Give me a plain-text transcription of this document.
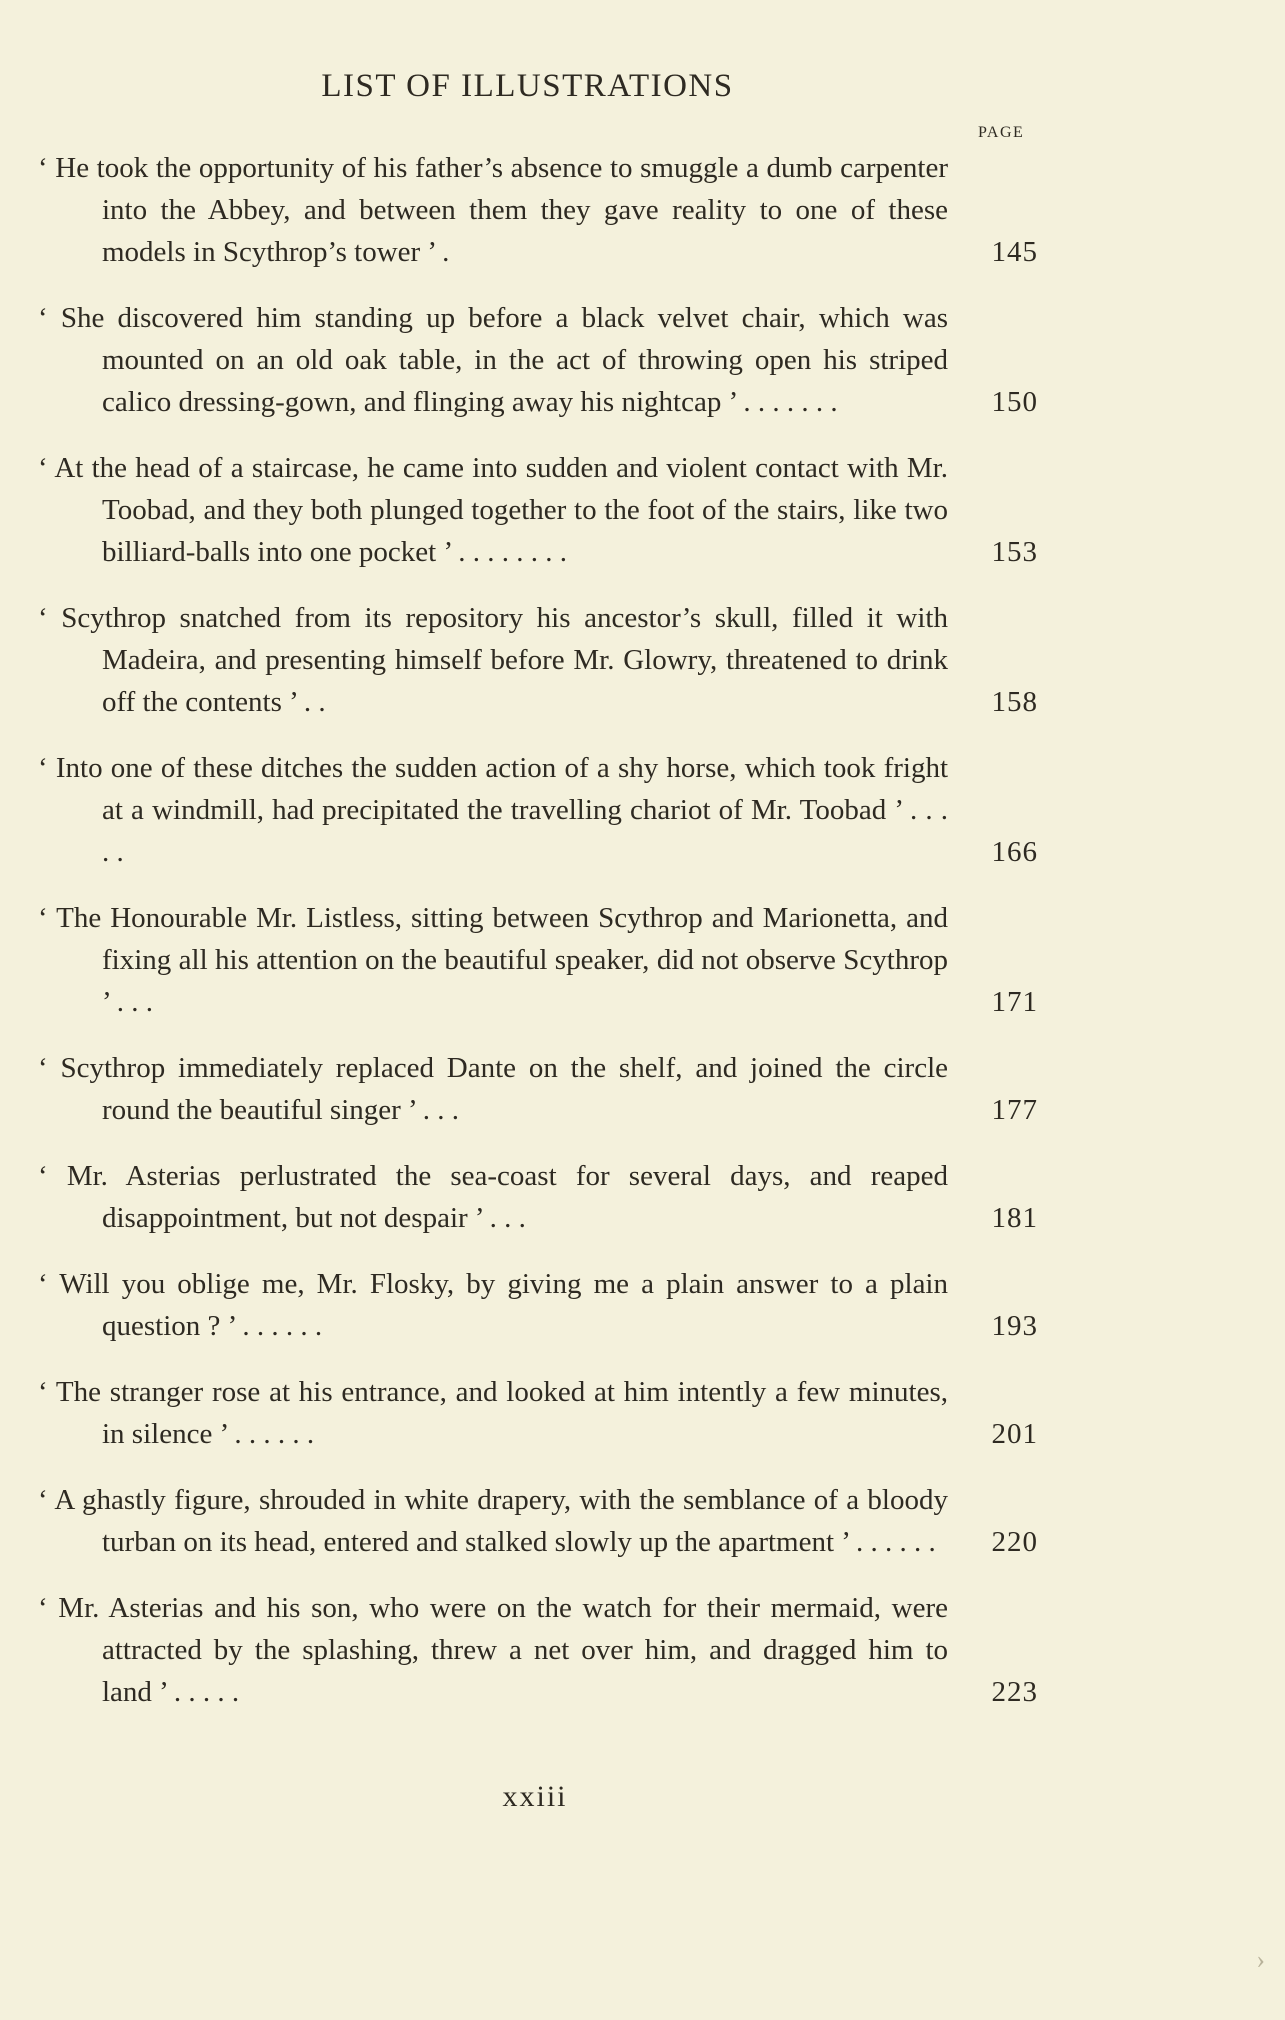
LIST OF ILLUSTRATIONS
PAGE
‘ He took the opportunity of his father’s absence to smuggle a dumb carpenter into the Abbey, and between them they gave reality to one of these models in Scythrop’s tower ’ .	145
‘ She discovered him standing up before a black velvet chair, which was mounted on an old oak table, in the act of throwing open his striped calico dressing-gown, and flinging away his nightcap ’ . . . . . . .	150
‘ At the head of a staircase, he came into sudden and violent contact with Mr. Toobad, and they both plunged together to the foot of the stairs, like two billiard-balls into one pocket ’ . . . . . . . .	153
‘ Scythrop snatched from its repository his ancestor’s skull, filled it with Madeira, and presenting himself before Mr. Glowry, threatened to drink off the contents ’ . .	158
‘ Into one of these ditches the sudden action of a shy horse, which took fright at a windmill, had precipitated the travelling chariot of Mr. Toobad ’ . . . . .	166
‘ The Honourable Mr. Listless, sitting between Scythrop and Marionetta, and fixing all his attention on the beautiful speaker, did not observe Scythrop ’ . . .	171
‘ Scythrop immediately replaced Dante on the shelf, and joined the circle round the beautiful singer ’ . . .	177
‘ Mr. Asterias perlustrated the sea-coast for several days, and reaped disappointment, but not despair ’ . . .	181
‘ Will you oblige me, Mr. Flosky, by giving me a plain answer to a plain question ? ’ . . . . . .	193
‘ The stranger rose at his entrance, and looked at him intently a few minutes, in silence ’ . . . . . .	201
‘ A ghastly figure, shrouded in white drapery, with the semblance of a bloody turban on its head, entered and stalked slowly up the apartment ’ . . . . . .	220
‘ Mr. Asterias and his son, who were on the watch for their mermaid, were attracted by the splashing, threw a net over him, and dragged him to land ’ . . . . .	223
xxiii
›
